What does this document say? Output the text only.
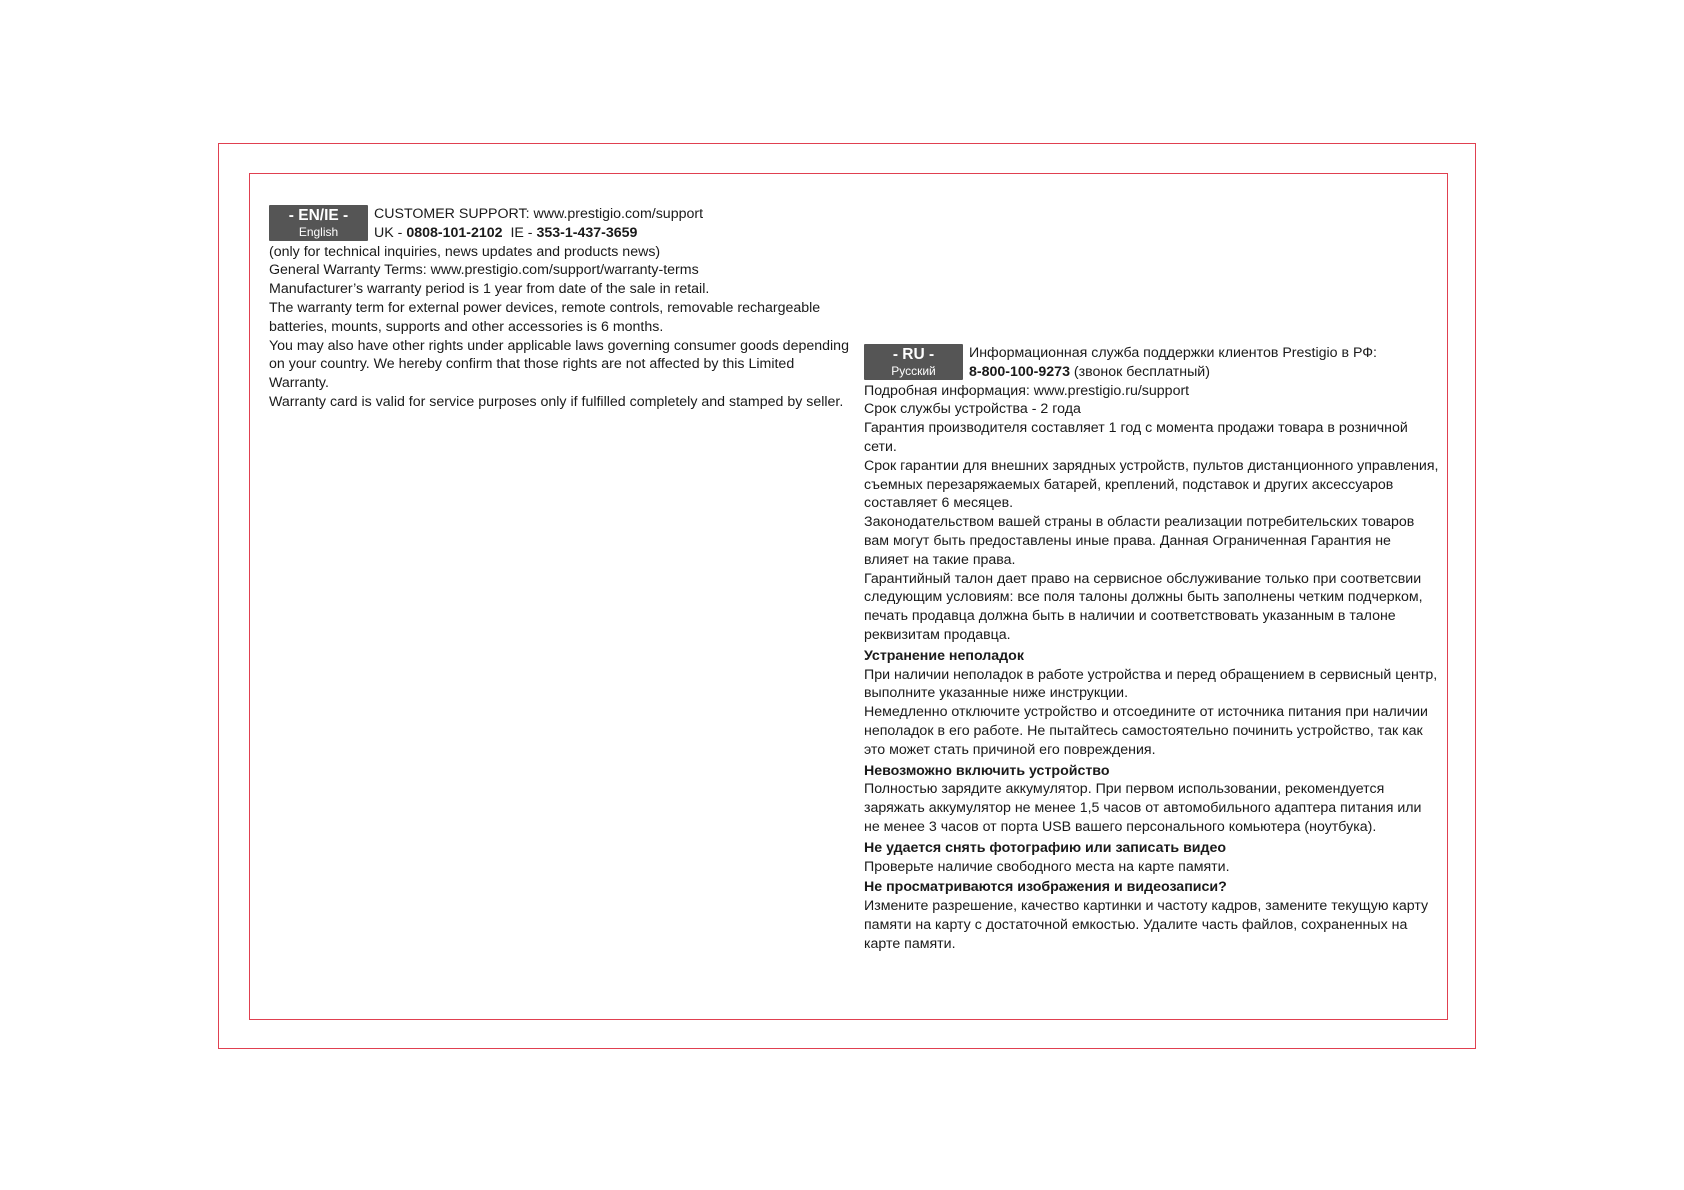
- EN/IE -
English
CUSTOMER SUPPORT: www.prestigio.com/support
UK - 0808-101-2102  IE - 353-1-437-3659
(only for technical inquiries, news updates and products news)
General Warranty Terms: www.prestigio.com/support/warranty-terms
Manufacturer’s warranty period is 1 year from date of the sale in retail.
The warranty term for external power devices, remote controls, removable rechargeable batteries, mounts, supports and other accessories is 6 months.
You may also have other rights under applicable laws governing consumer goods depending on your country. We hereby confirm that those rights are not affected by this Limited Warranty.
Warranty card is valid for service purposes only if fulfilled completely and stamped by seller.
- RU -
Русский
Информационная служба поддержки клиентов Prestigio в РФ:
8-800-100-9273 (звонок бесплатный)
Подробная информация: www.prestigio.ru/support
Срок службы устройства - 2 года
Гарантия производителя составляет 1 год с момента продажи товара в розничной сети.
Срок гарантии для внешних зарядных устройств, пультов дистанционного управления, съемных перезаряжаемых батарей, креплений, подставок и других аксессуаров составляет 6 месяцев.
Законодательством вашей страны в области реализации потребительских товаров вам могут быть предоставлены иные права. Данная Ограниченная Гарантия не влияет на такие права.
Гарантийный талон дает право на сервисное обслуживание только при соответсвии следующим условиям: все поля талоны должны быть заполнены четким подчерком, печать продавца должна быть в наличии и соответствовать указанным в талоне реквизитам продавца.
Устранение неполадок
При наличии неполадок в работе устройства и перед обращением в сервисный центр, выполните указанные ниже инструкции.
Немедленно отключите устройство и отсоедините от источника питания при наличии неполадок в его работе. Не пытайтесь самостоятельно починить устройство, так как это может стать причиной его повреждения.
Невозможно включить устройство
Полностью зарядите аккумулятор. При первом использовании, рекомендуется заряжать аккумулятор не менее 1,5 часов от автомобильного адаптера питания или не менее 3 часов от порта USB вашего персонального комьютера (ноутбука).
Не удается снять фотографию или записать видео
Проверьте наличие свободного места на карте памяти.
Не просматриваются изображения и видеозаписи?
Измените разрешение, качество картинки и частоту кадров, замените текущую карту памяти на карту с достаточной емкостью. Удалите часть файлов, сохраненных на карте памяти.
